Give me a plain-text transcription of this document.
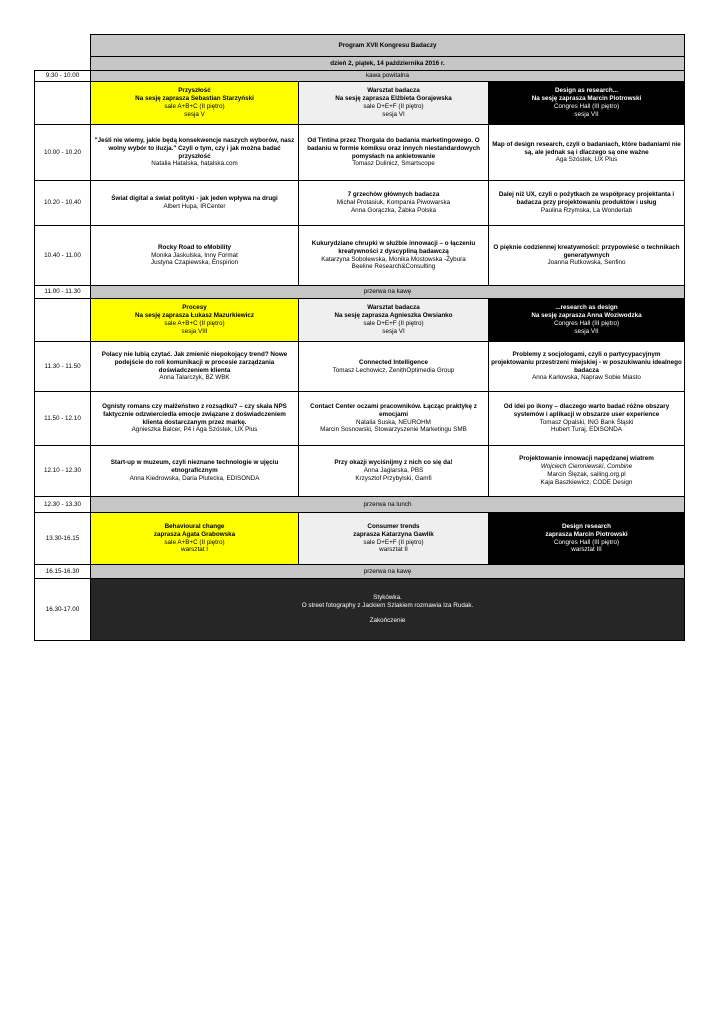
	Program XVII Kongresu Badaczy		

	dzień 2, piątek, 14 października 2016 r.		

9.30 - 10.00	kawa powitalna		

	Przyszłość
Na sesję zaprasza Sebastian Starzyński
sale A+B+C (II piętro)
sesja V	Warsztat badacza
Na sesję zaprasza Elżbieta Gorajewska
sale D+E+F (II piętro)
sesja VI	Design as research...
Na sesję zaprasza Marcin Piotrowski
Congres Hall (III piętro)
sesja VII

10.00 - 10.20	"Jeśli nie wiemy, jakie będą konsekwencje naszych wyborów, nasz wolny wybór to iluzja." Czyli o tym, czy i jak można badać przyszłość
Natalia Hatalska, hatalska.com	Od Tintina przez Thorgala do badania marketingowego. O badaniu w formie komiksu oraz innych niestandardowych pomysłach na ankietowanie
Tomasz Dulinicz, Smartscope	Map of design research, czyli o badaniach, które badaniami nie są, ale jednak są i dlaczego są one ważne
Aga Szóstek, UX Plus

10.20 - 10.40	Świat digital a świat polityki - jak jeden wpływa na drugi
Albert Hupa, IRCenter	7 grzechów głównych badacza
Michał Protasiuk, Kompania Piwowarska
Anna Gorączka, Żabka Polska	Dalej niż UX, czyli o pożytkach ze współpracy projektanta i badacza przy projektowaniu produktów i usług
Paulina Rzymska, La Wonderlab

10.40 - 11.00	Rocky Road to eMobility
Monika Jaskulska, Inny Format
Justyna Czapiewska, Enspirion	Kukurydziane chrupki w służbie innowacji – o łączeniu kreatywności z dyscypliną badawczą
Katarzyna Sobolewska, Monika Mostowska -Żybura
Beeline Research&Consulting	O pięknie codziennej kreatywności: przypowieść o technikach generatywnych
Joanna Rutkowska, Senfino

11.00 - 11.30	przerwa na kawę		

	Procesy
Na sesję zaprasza Łukasz Mazurkiewicz
sale A+B+C (II piętro)
sesja VIII	Warsztat badacza
Na sesję zaprasza Agnieszka Owsianko
sale D+E+F (II piętro)
sesja VI	...research as design
Na sesję zaprasza Anna Woziwodzka
Congres Hall (III piętro)
sesja VII

11.30 - 11.50	Polacy nie lubią czytać. Jak zmienić niepokojący trend? Nowe podejście do roli komunikacji w procesie zarządzania doświadczeniem klienta
Anna Talarczyk, BZ WBK	Connected Intelligence
Tomasz Lechowicz, ZenithOptimedia Group	Problemy z socjologami, czyli o partycypacyjnym projektowaniu przestrzeni miejskiej - w poszukiwaniu idealnego badacza
Anna Karłowska, Napraw Sobie Miasto

11.50 - 12.10	Ognisty romans czy małżeństwo z rozsądku? – czy skala NPS faktycznie odzwierciedla emocje związane z doświadczeniem klienta dostarczanym przez markę.
Agnieszka Balcer, P4 i Aga Szóstek, UX Plus	Contact Center oczami pracowników. Łącząc praktykę z emocjami
Natalia Suska, NEUROHM
Marcin Sosnowski, Stowarzyszenie Marketingu SMB	Od idei po ikony – dlaczego warto badać różne obszary systemów i aplikacji w obszarze user experience
Tomasz Opalski, ING Bank Śląski
Hubert Turaj, EDISONDA

12.10 - 12.30	Start-up w muzeum, czyli nieznane technologie w ujęciu etnograficznym
Anna Kiedrowska, Daria Plutecka, EDISONDA	Przy okazji wyciśnijmy z nich co się da!
Anna Jaglarska, PBS
Krzysztof Przybylski, Gamfi	Projektowanie innowacji napędzanej wiatrem
Wojciech Ciemniewski, Combine
Marcin Ślęzak, sailing.org.pl
Kaja Baszkiewicz, CODE Design

12.30 - 13.30	przerwa na lunch		
13.30-16.15	Behavioural change
zaprasza Agata Grabowska
sale A+B+C (II piętro)
warsztat I	Consumer trends
zaprasza Katarzyna Gawlik
sale D+E+F (II piętro)
warsztat II	Design research
zaprasza Marcin Piotrowski
Congres Hall (III piętro)
warsztat III

16.15-16.30	przerwa na kawę		
16.30-17.00	Stykówka.
O street fotography z Jackiem Szlakiem rozmawia Iza Rudak.
Zakończenie		
